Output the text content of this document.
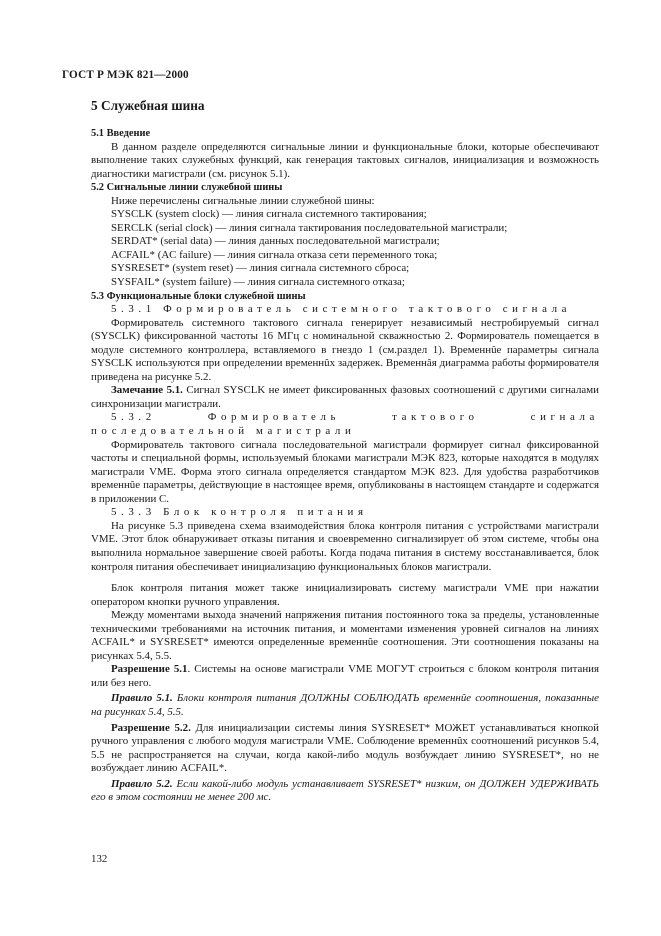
ГОСТ Р МЭК 821—2000
5 Служебная шина
5.1 Введение

В данном разделе определяются сигнальные линии и функциональные блоки, которые обеспечивают выполнение таких служебных функций, как генерация тактовых сигналов, инициализация и возможность диагностики магистрали (см. рисунок 5.1).

5.2 Сигнальные линии служебной шины
Ниже перечислены сигнальные линии служебной шины:
SYSCLK (system clock) — линия сигнала системного тактирования;
SERCLK (serial clock) — линия сигнала тактирования последовательной магистрали;
SERDAT* (serial data) — линия данных последовательной магистрали;
ACFAIL* (AC failure) — линия сигнала отказа сети переменного тока;
SYSRESET* (system reset) — линия сигнала системного сброса;
SYSFAIL* (system failure) — линия сигнала системного отказа;
5.3 Функциональные блоки служебной шины
5.3.1 Формирователь системного тактового сигнала

Формирователь системного тактового сигнала генерирует независимый нестробируемый сигнал (SYSCLK) фиксированной частоты 16 МГц с номинальной скважностью 2. Формирователь помещается в модуле системного контроллера, вставляемого в гнездо 1 (см.раздел 1). Временнûе параметры сигнала SYSCLK используются при определении временнûх задержек. Временнâя диаграмма работы формирователя приведена на рисунке 5.2.

Замечание 5.1. Сигнал SYSCLK не имеет фиксированных фазовых соотношений с другими сигналами синхронизации магистрали.

5.3.2 Формирователь тактового сигнала последовательной магистрали

Формирователь тактового сигнала последовательной магистрали формирует сигнал фиксированной частоты и специальной формы, используемый блоками магистрали МЭК 823, которые находятся в модулях магистрали VME. Форма этого сигнала определяется стандартом МЭК 823. Для удобства разработчиков временнûе параметры, действующие в настоящее время, опубликованы в настоящем стандарте и содержатся в приложении С.

5.3.3 Блок контроля питания

На рисунке 5.3 приведена схема взаимодействия блока контроля питания с устройствами магистрали VME. Этот блок обнаруживает отказы питания и своевременно сигнализирует об этом системе, чтобы она выполнила нормальное завершение своей работы. Когда подача питания в систему восстанавливается, блок контроля питания обеспечивает инициализацию функциональных блоков магистрали.

Блок контроля питания может также инициализировать систему магистрали VME при нажатии оператором кнопки ручного управления.

Между моментами выхода значений напряжения питания постоянного тока за пределы, установленные техническими требованиями на источник питания, и моментами изменения уровней сигналов на линиях ACFAIL* и SYSRESET* имеются определенные временнûе соотношения. Эти соотношения показаны на рисунках 5.4, 5.5.

Разрешение 5.1. Системы на основе магистрали VME МОГУТ строиться с блоком контроля питания или без него.

Правило 5.1. Блоки контроля питания ДОЛЖНЫ СОБЛЮДАТЬ временнûе соотношения, показанные на рисунках 5.4, 5.5.

Разрешение 5.2. Для инициализации системы линия SYSRESET* МОЖЕТ устанавливаться кнопкой ручного управления с любого модуля магистрали VME. Соблюдение временнûх соотношений рисунков 5.4, 5.5 не распространяется на случаи, когда какой-либо модуль возбуждает линию SYSRESET*, но не возбуждает линию ACFAIL*.

Правило 5.2. Если какой-либо модуль устанавливает SYSRESET* низким, он ДОЛЖЕН УДЕРЖИВАТЬ его в этом состоянии не менее 200 мс.

132
